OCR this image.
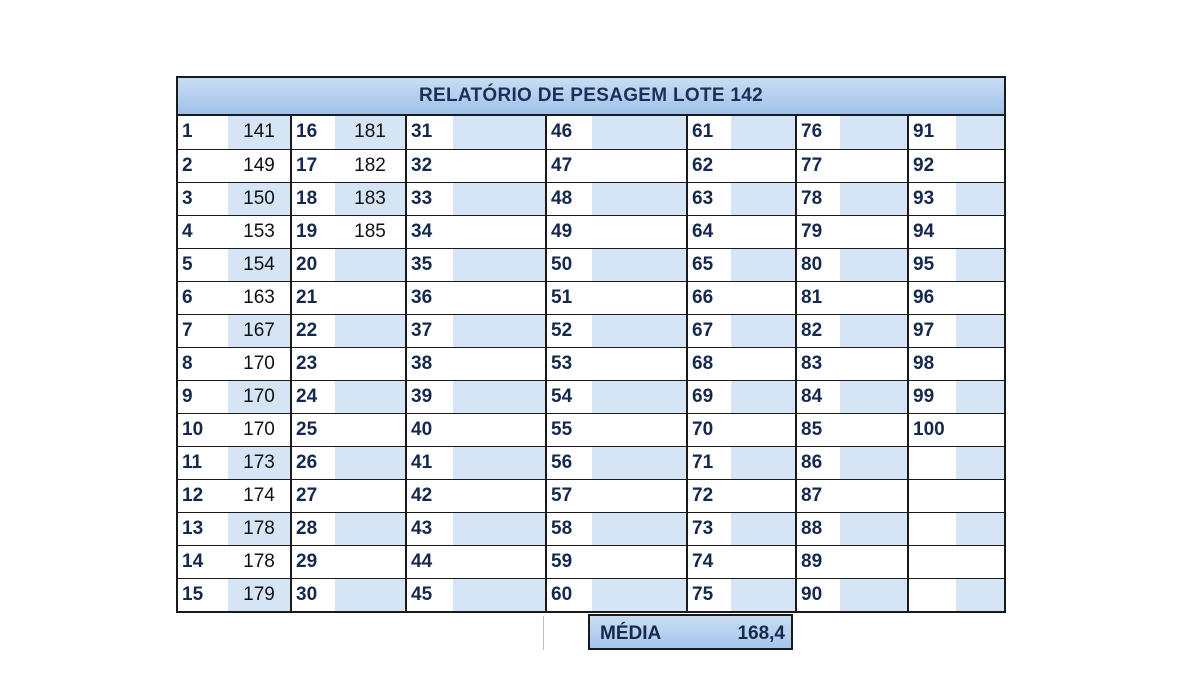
RELATÓRIO DE PESAGEM LOTE 142
1	141	16	181	31		46		61		76		91	
2	149	17	182	32		47		62		77		92	
3	150	18	183	33		48		63		78		93	
4	153	19	185	34		49		64		79		94	
5	154	20		35		50		65		80		95	
6	163	21		36		51		66		81		96	
7	167	22		37		52		67		82		97	
8	170	23		38		53		68		83		98	
9	170	24		39		54		69		84		99	
10	170	25		40		55		70		85		100	
11	173	26		41		56		71		86			
12	174	27		42		57		72		87			
13	178	28		43		58		73		88			
14	178	29		44		59		74		89			
15	179	30		45		60		75		90			
MÉDIA	168,4
